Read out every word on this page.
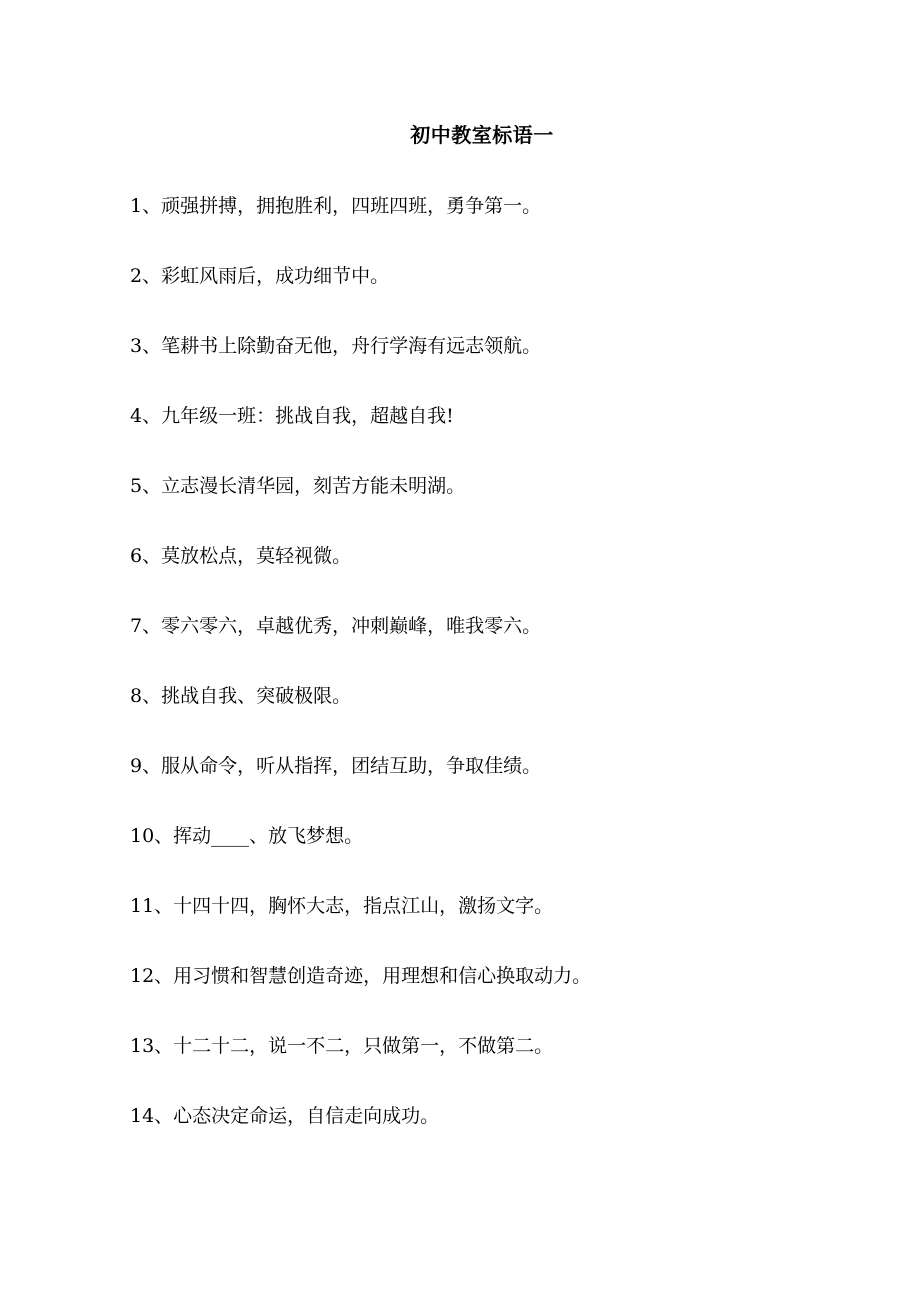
初中教室标语一
1、顽强拼搏，拥抱胜利，四班四班，勇争第一。
2、彩虹风雨后，成功细节中。
3、笔耕书上除勤奋无他，舟行学海有远志领航。
4、九年级一班：挑战自我，超越自我!
5、立志漫长清华园，刻苦方能未明湖。
6、莫放松点，莫轻视微。
7、零六零六，卓越优秀，冲刺巅峰，唯我零六。
8、挑战自我、突破极限。
9、服从命令，听从指挥，团结互助，争取佳绩。
10、挥动____、放飞梦想。
11、十四十四，胸怀大志，指点江山，激扬文字。
12、用习惯和智慧创造奇迹，用理想和信心换取动力。
13、十二十二，说一不二，只做第一，不做第二。
14、心态决定命运，自信走向成功。
